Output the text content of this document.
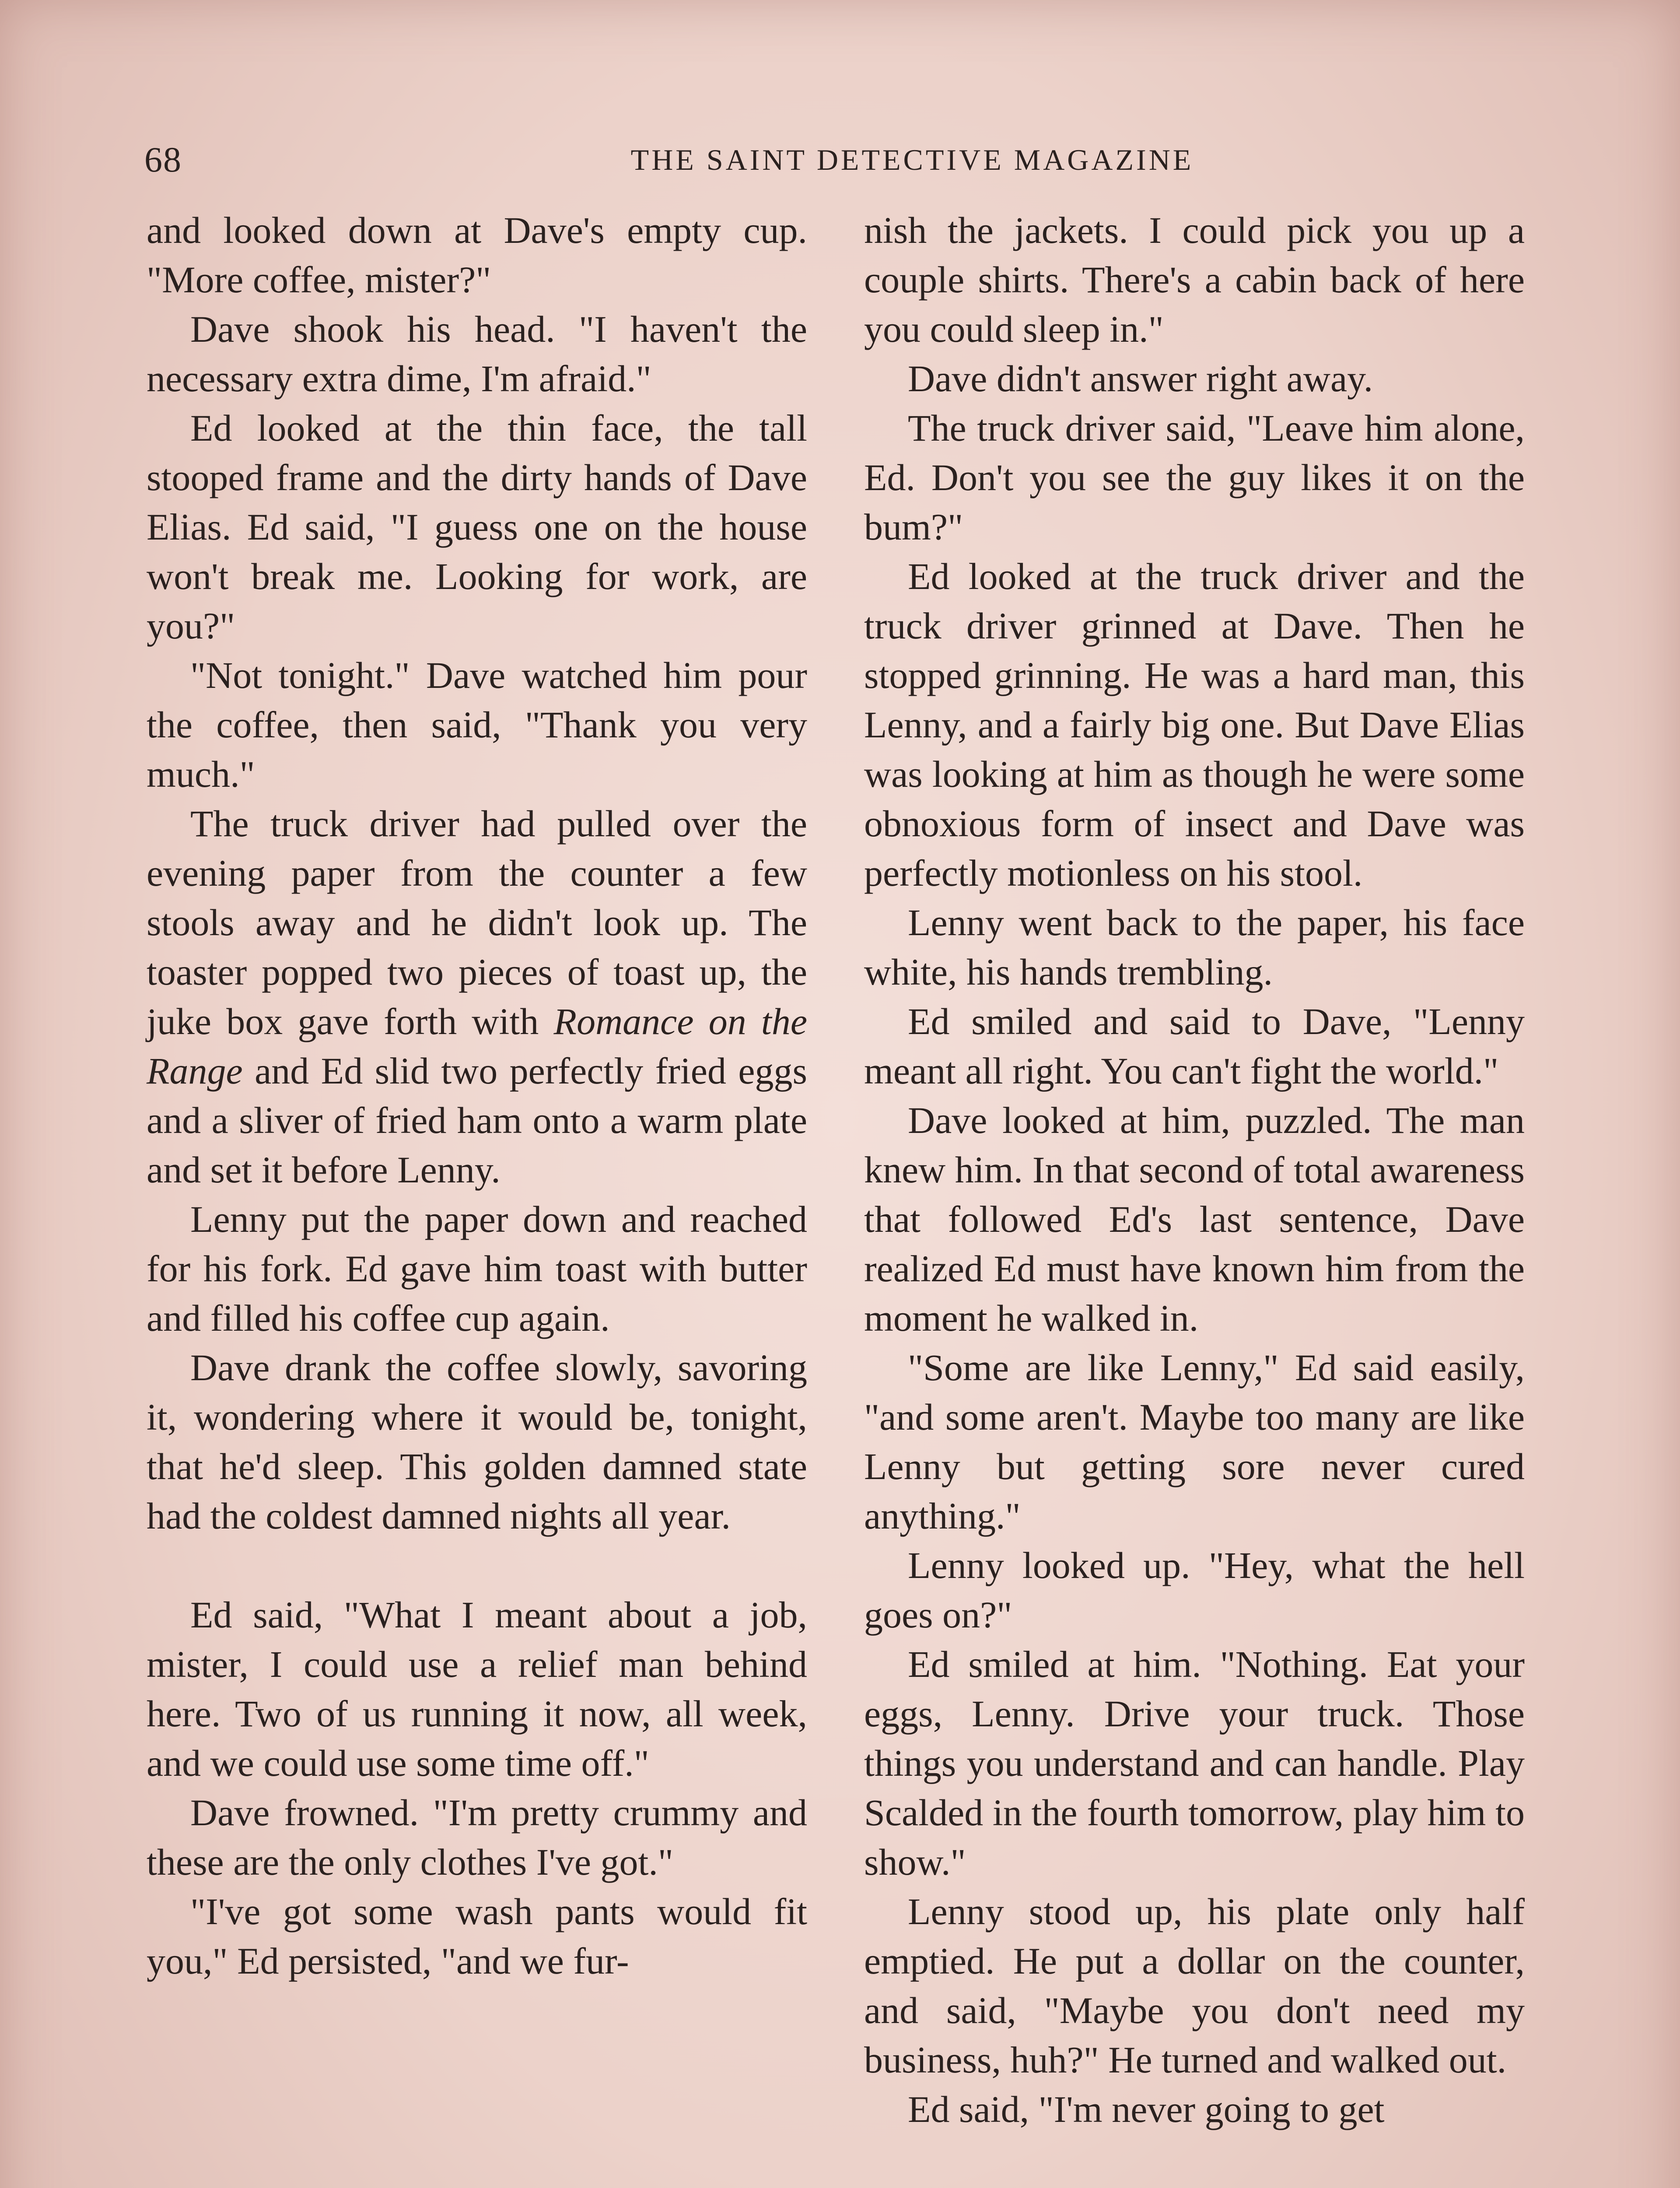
68	THE SAINT DETECTIVE MAGAZINE

and looked down at Dave's empty cup. "More coffee, mister?"

Dave shook his head. "I haven't the necessary extra dime, I'm afraid."

Ed looked at the thin face, the tall stooped frame and the dirty hands of Dave Elias. Ed said, "I guess one on the house won't break me. Looking for work, are you?"

"Not tonight." Dave watched him pour the coffee, then said, "Thank you very much."

The truck driver had pulled over the evening paper from the counter a few stools away and he didn't look up. The toaster popped two pieces of toast up, the juke box gave forth with Romance on the Range and Ed slid two perfectly fried eggs and a sliver of fried ham onto a warm plate and set it before Lenny.

Lenny put the paper down and reached for his fork. Ed gave him toast with butter and filled his coffee cup again.

Dave drank the coffee slowly, savoring it, wondering where it would be, tonight, that he'd sleep. This golden damned state had the coldest damned nights all year.

Ed said, "What I meant about a job, mister, I could use a relief man behind here. Two of us running it now, all week, and we could use some time off."

Dave frowned. "I'm pretty crummy and these are the only clothes I've got."

"I've got some wash pants would fit you," Ed persisted, "and we fur-

nish the jackets. I could pick you up a couple shirts. There's a cabin back of here you could sleep in."

Dave didn't answer right away.

The truck driver said, "Leave him alone, Ed. Don't you see the guy likes it on the bum?"

Ed looked at the truck driver and the truck driver grinned at Dave. Then he stopped grinning. He was a hard man, this Lenny, and a fairly big one. But Dave Elias was looking at him as though he were some obnoxious form of insect and Dave was perfectly motionless on his stool.

Lenny went back to the paper, his face white, his hands trembling.

Ed smiled and said to Dave, "Lenny meant all right. You can't fight the world."

Dave looked at him, puzzled. The man knew him. In that second of total awareness that followed Ed's last sentence, Dave realized Ed must have known him from the moment he walked in.

"Some are like Lenny," Ed said easily, "and some aren't. Maybe too many are like Lenny but getting sore never cured anything."

Lenny looked up. "Hey, what the hell goes on?"

Ed smiled at him. "Nothing. Eat your eggs, Lenny. Drive your truck. Those things you understand and can handle. Play Scalded in the fourth tomorrow, play him to show."

Lenny stood up, his plate only half emptied. He put a dollar on the counter, and said, "Maybe you don't need my business, huh?" He turned and walked out.

Ed said, "I'm never going to get
